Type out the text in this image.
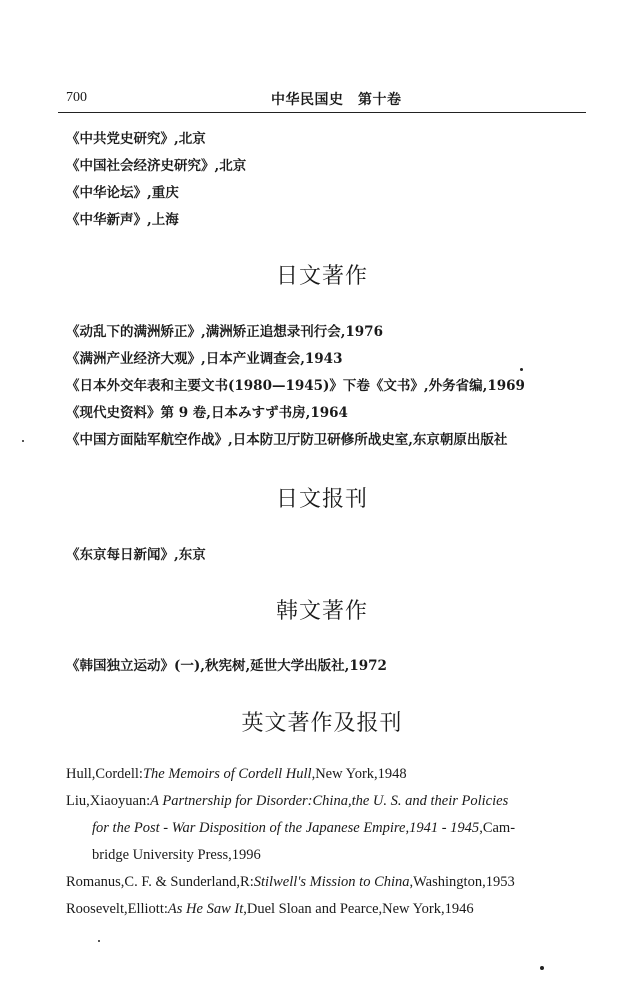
700	中华民国史　第十卷
《中共党史研究》,北京
《中国社会经济史研究》,北京
《中华论坛》,重庆
《中华新声》,上海
日文著作
《动乱下的满洲矫正》,满洲矫正追想录刊行会,1976
《满洲产业经济大观》,日本产业调查会,1943
《日本外交年表和主要文书(1980—1945)》下卷《文书》,外务省编,1969
《现代史资料》第 9 卷,日本みすず书房,1964
《中国方面陆军航空作战》,日本防卫厅防卫研修所战史室,东京朝原出版社
日文报刊
《东京每日新闻》,东京
韩文著作
《韩国独立运动》(一),秋宪树,延世大学出版社,1972
英文著作及报刊
Hull,Cordell:The Memoirs of Cordell Hull,New York,1948
Liu,Xiaoyuan:A Partnership for Disorder:China,the U. S. and their Policies
for the Post - War Disposition of the Japanese Empire,1941 - 1945,Cam-
bridge University Press,1996
Romanus,C. F. & Sunderland,R:Stilwell's Mission to China,Washington,1953
Roosevelt,Elliott:As He Saw It,Duel Sloan and Pearce,New York,1946
